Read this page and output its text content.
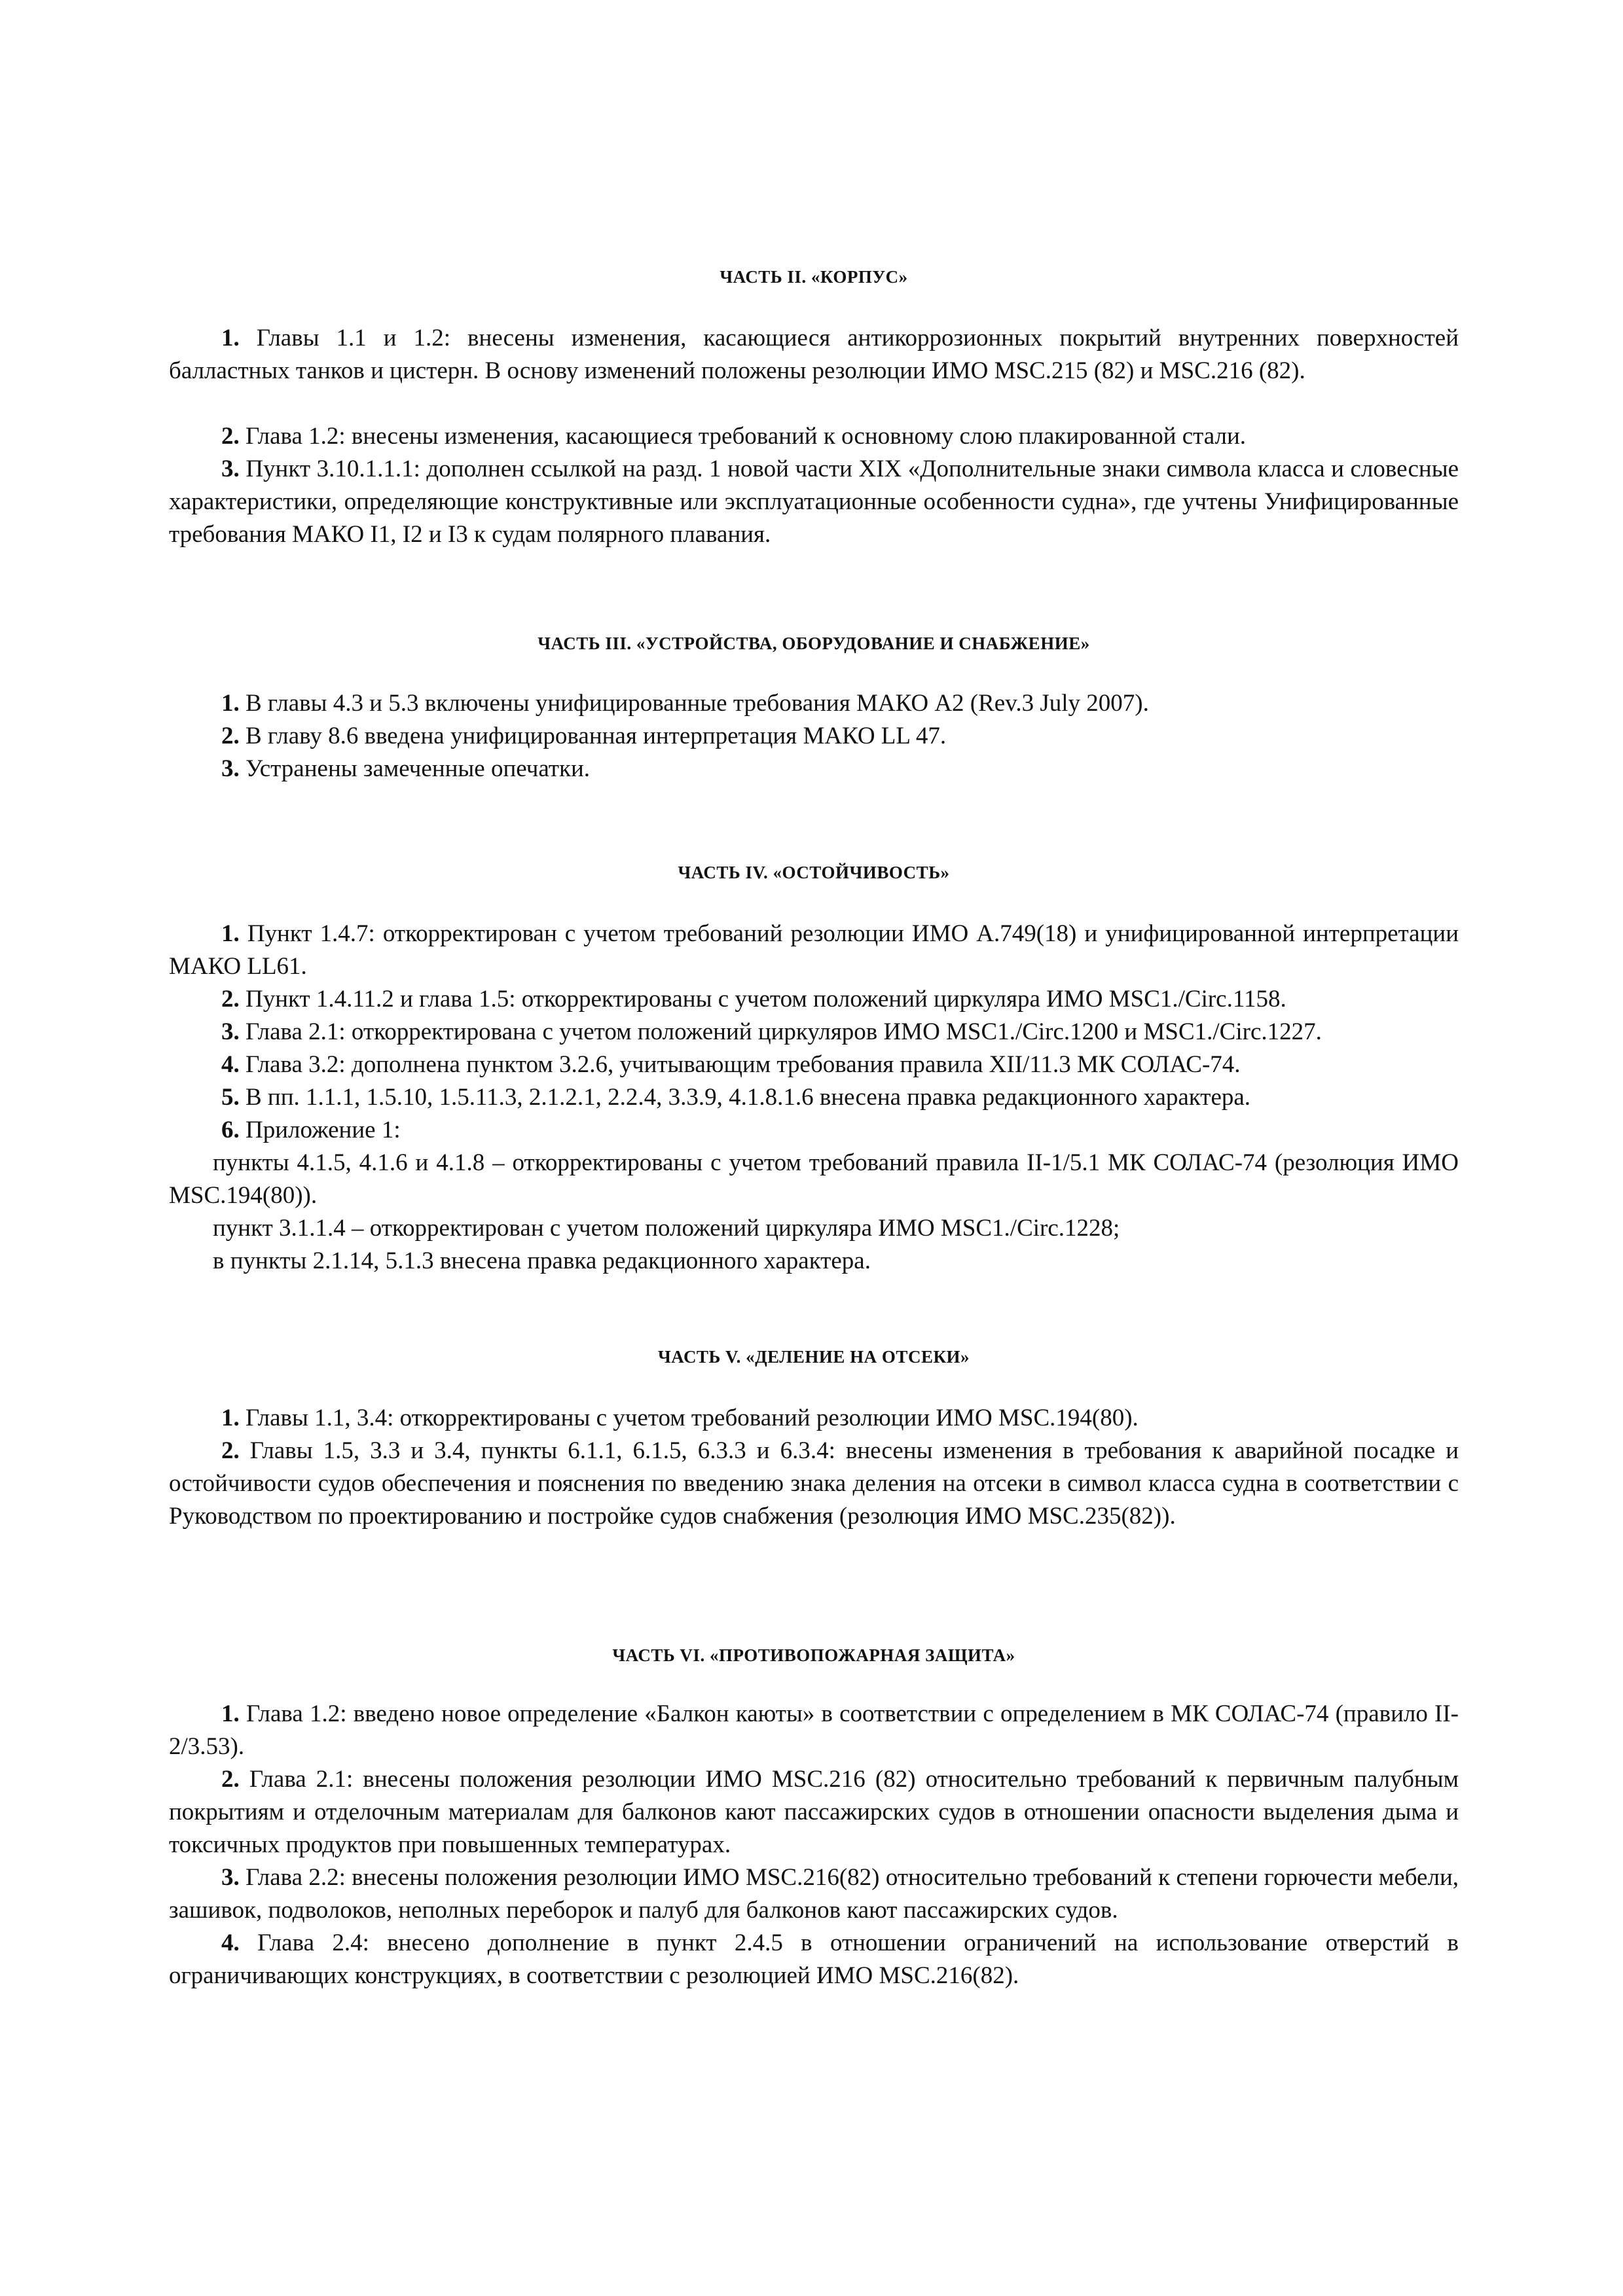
ЧАСТЬ II. «КОРПУС»
1. Главы 1.1 и 1.2: внесены изменения, касающиеся антикоррозионных покрытий внутренних поверхностей балластных танков и цистерн. В основу изменений положены резолюции ИМО MSC.215 (82) и MSC.216 (82).
2. Глава 1.2: внесены изменения, касающиеся требований к основному слою плакированной стали.
3. Пункт 3.10.1.1.1: дополнен ссылкой на разд. 1 новой части XIX «Дополнительные знаки символа класса и словесные характеристики, определяющие конструктивные или эксплуатационные особенности судна», где учтены Унифицированные требования МАКО I1, I2 и I3 к судам полярного плавания.
ЧАСТЬ III. «УСТРОЙСТВА, ОБОРУДОВАНИЕ И СНАБЖЕНИЕ»
1. В главы 4.3 и 5.3 включены унифицированные требования МАКО A2 (Rev.3 July 2007).
2. В главу 8.6 введена унифицированная интерпретация МАКО LL 47.
3. Устранены замеченные опечатки.
ЧАСТЬ IV. «ОСТОЙЧИВОСТЬ»
1. Пункт 1.4.7: откорректирован с учетом требований резолюции ИМО A.749(18) и унифицированной интерпретации МАКО LL61.
2. Пункт 1.4.11.2 и глава 1.5: откорректированы с учетом положений циркуляра ИМО MSC1./Circ.1158.
3. Глава 2.1: откорректирована с учетом положений циркуляров ИМО MSC1./Circ.1200 и MSC1./Circ.1227.
4. Глава 3.2: дополнена пунктом 3.2.6, учитывающим требования правила XII/11.3 МК СОЛАС-74.
5. В пп. 1.1.1, 1.5.10, 1.5.11.3, 2.1.2.1, 2.2.4, 3.3.9, 4.1.8.1.6 внесена правка редакционного характера.
6. Приложение 1:
пункты 4.1.5, 4.1.6 и 4.1.8 – откорректированы с учетом требований правила II-1/5.1 МК СОЛАС-74 (резолюция ИМО MSC.194(80)).
пункт 3.1.1.4 – откорректирован с учетом положений циркуляра ИМО MSC1./Circ.1228;
в пункты 2.1.14, 5.1.3 внесена правка редакционного характера.
ЧАСТЬ V. «ДЕЛЕНИЕ НА ОТСЕКИ»
1. Главы 1.1, 3.4: откорректированы с учетом требований резолюции ИМО MSC.194(80).
2. Главы 1.5, 3.3 и 3.4, пункты 6.1.1, 6.1.5, 6.3.3 и 6.3.4: внесены изменения в требования к аварийной посадке и остойчивости судов обеспечения и пояснения по введению знака деления на отсеки в символ класса судна в соответствии с Руководством по проектированию и постройке судов снабжения (резолюция ИМО MSC.235(82)).
ЧАСТЬ VI. «ПРОТИВОПОЖАРНАЯ ЗАЩИТА»
1. Глава 1.2: введено новое определение «Балкон каюты» в соответствии с определением в МК СОЛАС-74 (правило II-2/3.53).
2. Глава 2.1: внесены положения резолюции ИМО MSC.216 (82) относительно требований к первичным палубным покрытиям и отделочным материалам для балконов кают пассажирских судов в отношении опасности выделения дыма и токсичных продуктов при повышенных температурах.
3. Глава 2.2: внесены положения резолюции ИМО MSC.216(82) относительно требований к степени горючести мебели, зашивок, подволоков, неполных переборок и палуб для балконов кают пассажирских судов.
4. Глава 2.4: внесено дополнение в пункт 2.4.5 в отношении ограничений на использование отверстий в ограничивающих конструкциях, в соответствии с резолюцией ИМО MSC.216(82).
